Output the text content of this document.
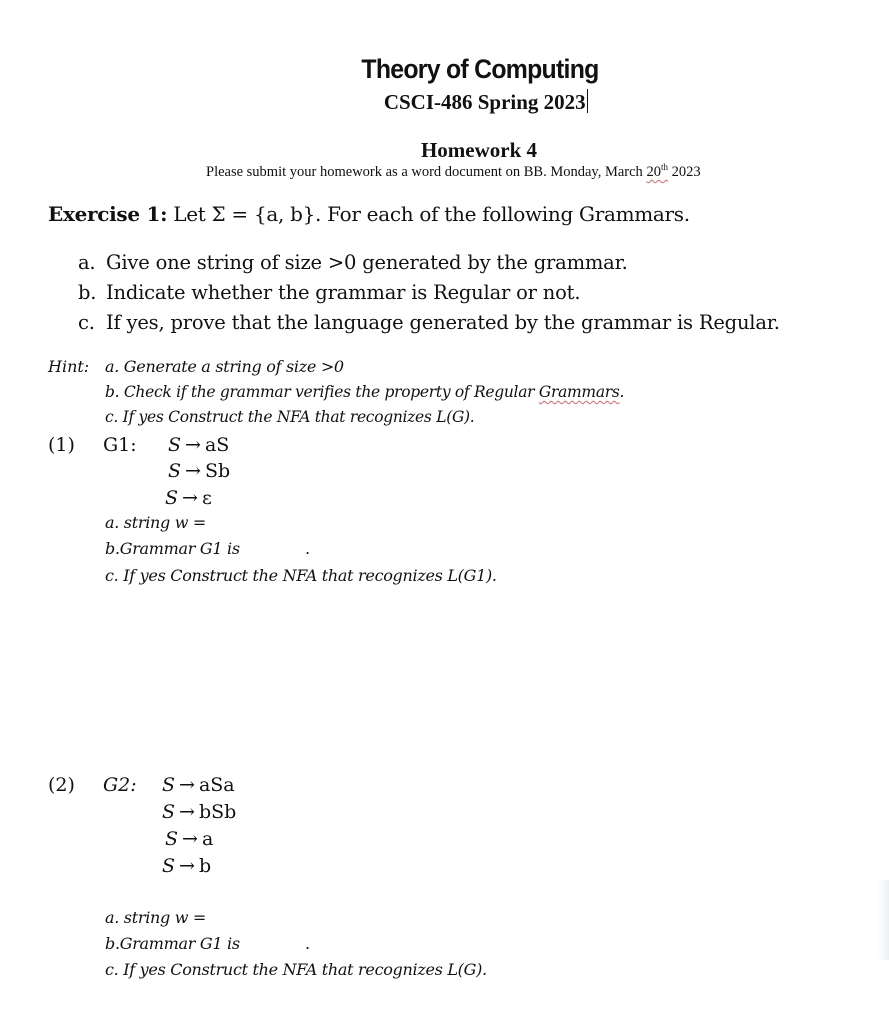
Theory of Computing
CSCI-486 Spring 2023
Homework 4
Please submit your homework as a word document on BB. Monday, March 20th 2023
Exercise 1: Let Σ = {a, b}. For each of the following Grammars.
a. Give one string of size >0 generated by the grammar.
b. Indicate whether the grammar is Regular or not.
c. If yes, prove that the language generated by the grammar is Regular.
Hint: a. Generate a string of size >0
b. Check if the grammar verifies the property of Regular Grammars.
c. If yes Construct the NFA that recognizes L(G).
(1) G1: S → aS
S → Sb
S → ε
a. string w =
b.Grammar G1 is	.
c. If yes Construct the NFA that recognizes L(G1).
(2) G2: S → aSa
S → bSb
S → a
S → b
a. string w =
b.Grammar G1 is	.
c. If yes Construct the NFA that recognizes L(G).
